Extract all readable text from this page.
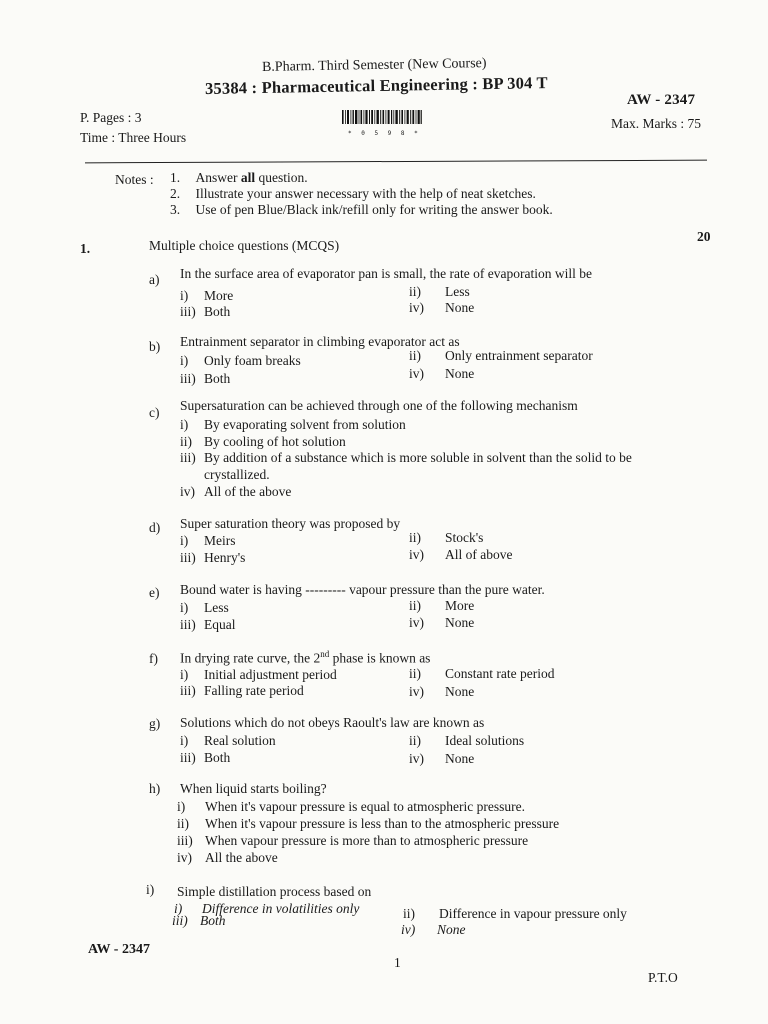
B.Pharm. Third Semester (New Course)
35384 : Pharmaceutical Engineering : BP 304 T
AW - 2347
P. Pages : 3
Time : Three Hours
Max. Marks : 75
* 0 5 9 8 *
Notes : 1. Answer all question.
2. Illustrate your answer necessary with the help of neat sketches.
3. Use of pen Blue/Black ink/refill only for writing the answer book.
1.	Multiple choice questions (MCQS)
20
a) In the surface area of evaporator pan is small, the rate of evaporation will be
i) More	ii) Less
iii) Both	iv) None
b) Entrainment separator in climbing evaporator act as
i) Only foam breaks	ii) Only entrainment separator
iii) Both	iv) None
c) Supersaturation can be achieved through one of the following mechanism
i) By evaporating solvent from solution
ii) By cooling of hot solution
iii) By addition of a substance which is more soluble in solvent than the solid to be
crystallized.
iv) All of the above
d) Super saturation theory was proposed by
i) Meirs	ii) Stock's
iii) Henry's	iv) All of above
e) Bound water is having --------- vapour pressure than the pure water.
i) Less	ii) More
iii) Equal	iv) None
f) In drying rate curve, the 2nd phase is known as
i) Initial adjustment period	ii) Constant rate period
iii) Falling rate period	iv) None
g) Solutions which do not obeys Raoult's law are known as
i) Real solution	ii) Ideal solutions
iii) Both	iv) None
h) When liquid starts boiling?
i) When it's vapour pressure is equal to atmospheric pressure.
ii) When it's vapour pressure is less than to the atmospheric pressure
iii) When vapour pressure is more than to atmospheric pressure
iv) All the above
i) Simple distillation process based on
i) Difference in volatilities only	ii) Difference in vapour pressure only
iii) Both
iv) None
AW - 2347
1
P.T.O
